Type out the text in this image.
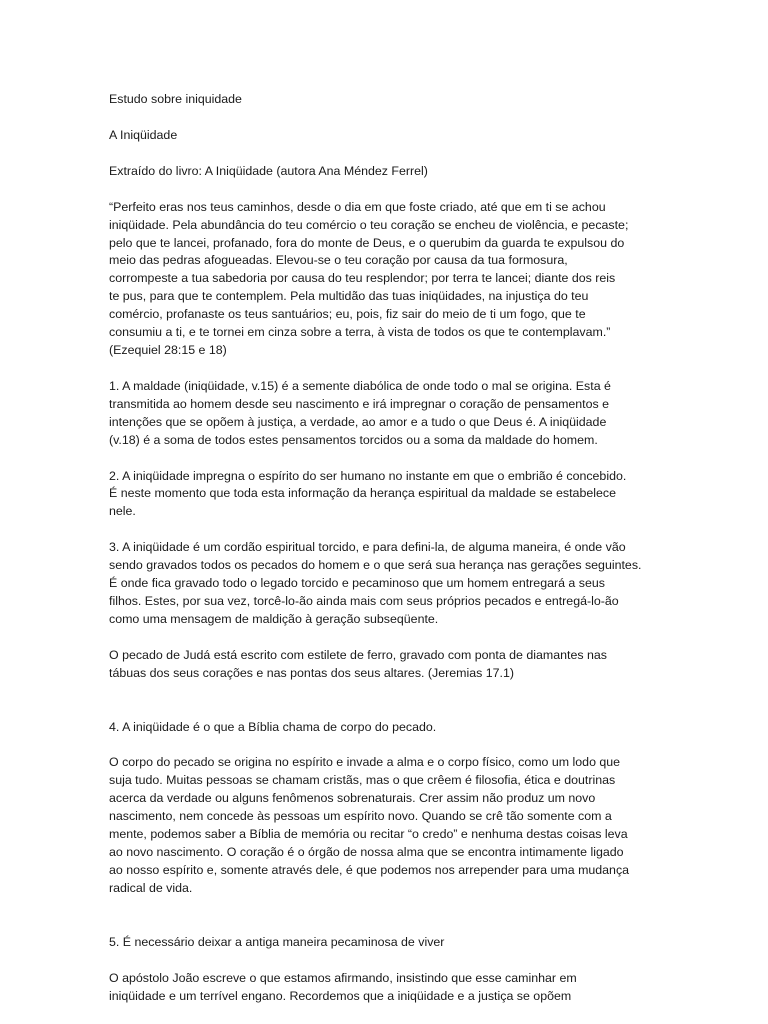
Estudo sobre iniquidade

A Iniqüidade

Extraído do livro: A Iniqüidade (autora Ana Méndez Ferrel)

“Perfeito eras nos teus caminhos, desde o dia em que foste criado, até que em ti se achou
iniqüidade. Pela abundância do teu comércio o teu coração se encheu de violência, e pecaste;
pelo que te lancei, profanado, fora do monte de Deus, e o querubim da guarda te expulsou do
meio das pedras afogueadas. Elevou-se o teu coração por causa da tua formosura,
corrompeste a tua sabedoria por causa do teu resplendor; por terra te lancei; diante dos reis
te pus, para que te contemplem. Pela multidão das tuas iniqüidades, na injustiça do teu
comércio, profanaste os teus santuários; eu, pois, fiz sair do meio de ti um fogo, que te
consumiu a ti, e te tornei em cinza sobre a terra, à vista de todos os que te contemplavam.”
(Ezequiel 28:15 e 18)

1. A maldade (iniqüidade, v.15) é a semente diabólica de onde todo o mal se origina. Esta é
transmitida ao homem desde seu nascimento e irá impregnar o coração de pensamentos e
intenções que se opõem à justiça, a verdade, ao amor e a tudo o que Deus é. A iniqüidade
(v.18) é a soma de todos estes pensamentos torcidos ou a soma da maldade do homem.

2. A iniqüidade impregna o espírito do ser humano no instante em que o embrião é concebido.
É neste momento que toda esta informação da herança espiritual da maldade se estabelece
nele.

3. A iniqüidade é um cordão espiritual torcido, e para defini-la, de alguma maneira, é onde vão
sendo gravados todos os pecados do homem e o que será sua herança nas gerações seguintes.
É onde fica gravado todo o legado torcido e pecaminoso que um homem entregará a seus
filhos. Estes, por sua vez, torcê-lo-ão ainda mais com seus próprios pecados e entregá-lo-ão
como uma mensagem de maldição à geração subseqüente.

O pecado de Judá está escrito com estilete de ferro, gravado com ponta de diamantes nas
tábuas dos seus corações e nas pontas dos seus altares. (Jeremias 17.1)

4. A iniqüidade é o que a Bíblia chama de corpo do pecado.

O corpo do pecado se origina no espírito e invade a alma e o corpo físico, como um lodo que
suja tudo. Muitas pessoas se chamam cristãs, mas o que crêem é filosofia, ética e doutrinas
acerca da verdade ou alguns fenômenos sobrenaturais. Crer assim não produz um novo
nascimento, nem concede às pessoas um espírito novo. Quando se crê tão somente com a
mente, podemos saber a Bíblia de memória ou recitar “o credo” e nenhuma destas coisas leva
ao novo nascimento. O coração é o órgão de nossa alma que se encontra intimamente ligado
ao nosso espírito e, somente através dele, é que podemos nos arrepender para uma mudança
radical de vida.

5. É necessário deixar a antiga maneira pecaminosa de viver

O apóstolo João escreve o que estamos afirmando, insistindo que esse caminhar em
iniqüidade e um terrível engano. Recordemos que a iniqüidade e a justiça se opõem
